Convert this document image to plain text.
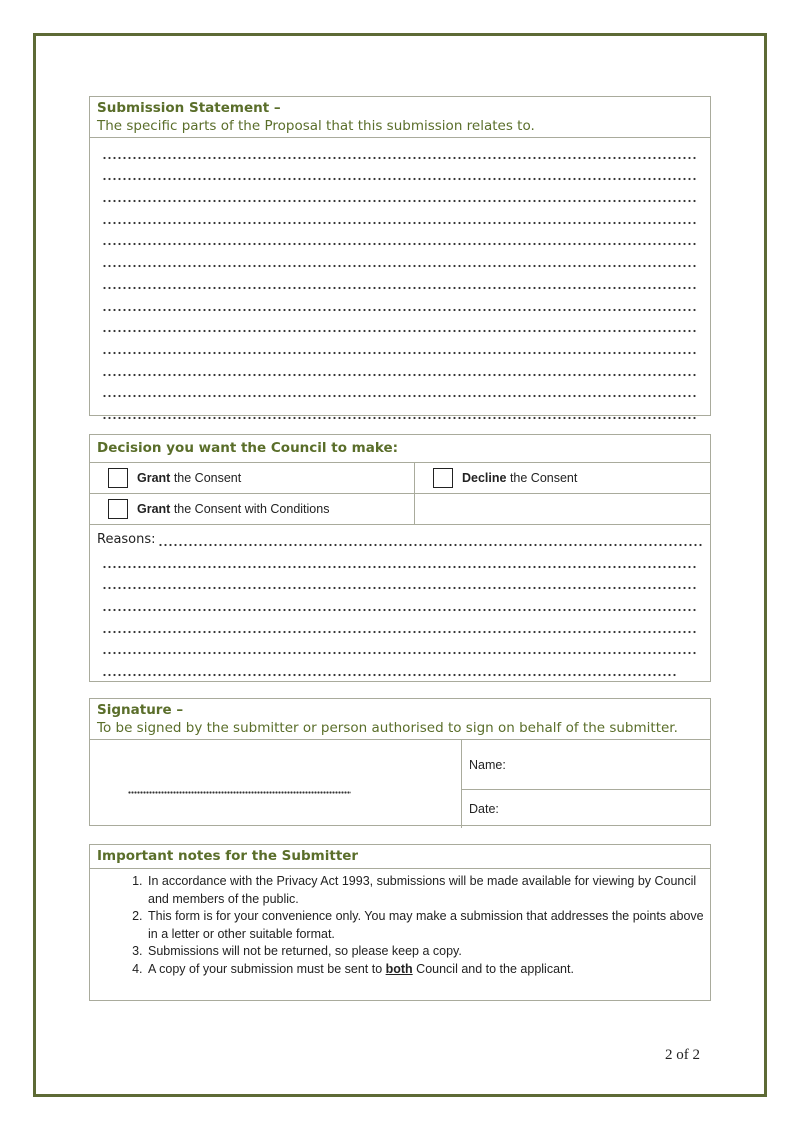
Submission Statement –
The specific parts of the Proposal that this submission relates to.
Decision you want the Council to make:
Grant the Consent	Decline the Consent
Grant the Consent with Conditions
Reasons:
Signature –
To be signed by the submitter or person authorised to sign on behalf of the submitter.
Name:
Date:
Important notes for the Submitter
1. In accordance with the Privacy Act 1993, submissions will be made available for viewing by Council and members of the public.
2. This form is for your convenience only. You may make a submission that addresses the points above in a letter or other suitable format.
3. Submissions will not be returned, so please keep a copy.
4. A copy of your submission must be sent to both Council and to the applicant.
2 of 2
